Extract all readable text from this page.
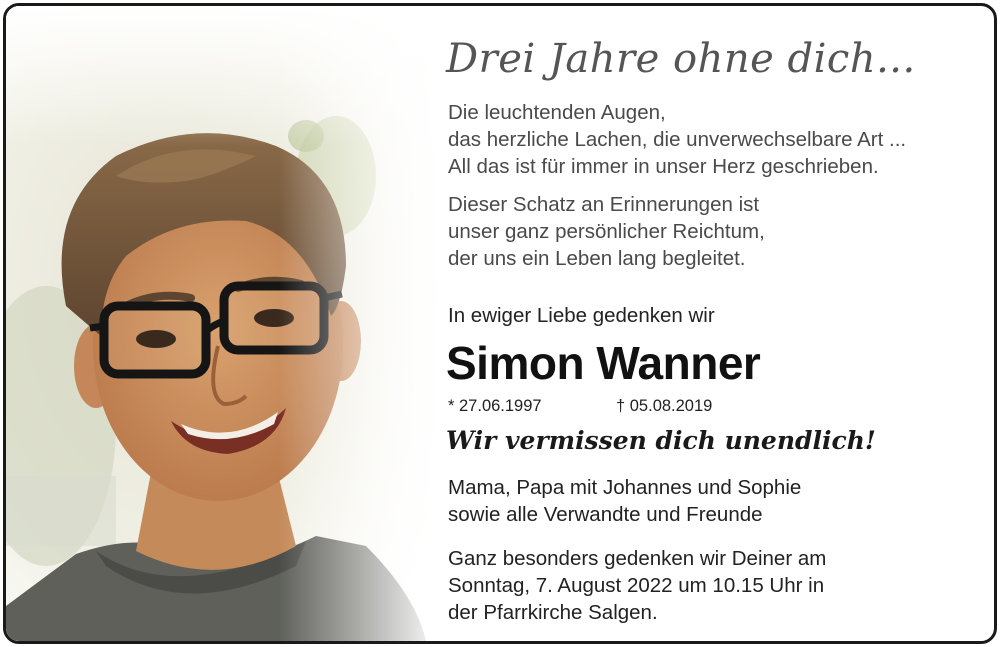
Drei Jahre ohne dich...
Die leuchtenden Augen,
das herzliche Lachen, die unverwechselbare Art ...
All das ist für immer in unser Herz geschrieben.
Dieser Schatz an Erinnerungen ist
unser ganz persönlicher Reichtum,
der uns ein Leben lang begleitet.
In ewiger Liebe gedenken wir
Simon Wanner
* 27.06.1997	† 05.08.2019
Wir vermissen dich unendlich!
Mama, Papa mit Johannes und Sophie
sowie alle Verwandte und Freunde
Ganz besonders gedenken wir Deiner am
Sonntag, 7. August 2022 um 10.15 Uhr in
der Pfarrkirche Salgen.
